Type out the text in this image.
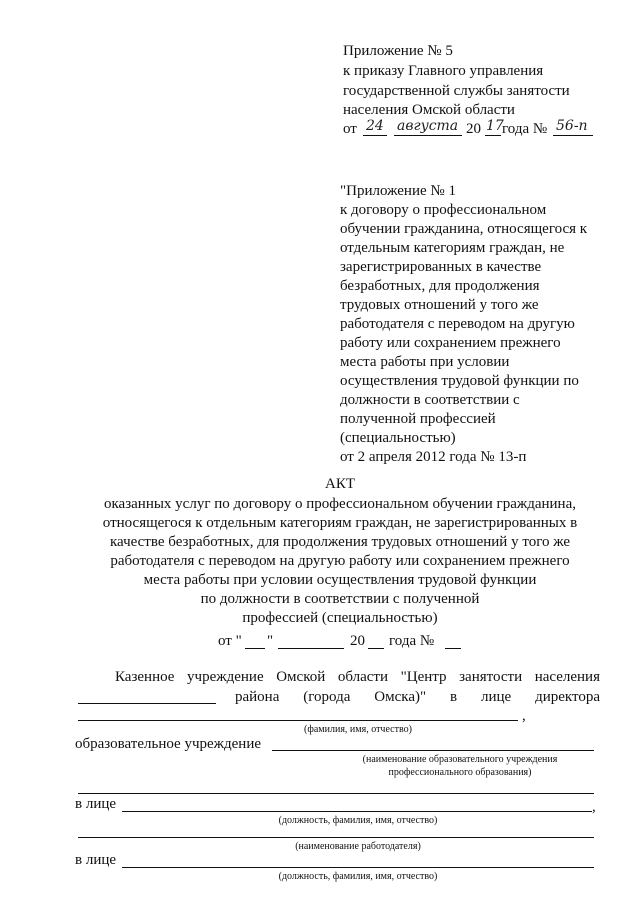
Приложение № 5
к приказу Главного управления
государственной службы занятости
населения Омской области
от 24 августа 20 17
года № 56-п
"Приложение № 1
к договору о профессиональном
обучении гражданина, относящегося к
отдельным категориям граждан, не
зарегистрированных в качестве
безработных, для продолжения
трудовых отношений у того же
работодателя с переводом на другую
работу или сохранением прежнего
места работы при условии
осуществления трудовой функции по
должности в соответствии с
полученной профессией
(специальностью)
от 2 апреля 2012 года № 13-п
АКТ
оказанных услуг по договору о профессиональном обучении гражданина,
относящегося к отдельным категориям граждан, не зарегистрированных в
качестве безработных, для продолжения трудовых отношений у того же
работодателя с переводом на другую работу или сохранением прежнего
места работы при условии осуществления трудовой функции
по должности в соответствии с полученной
профессией (специальностью)
от " "	20 года №
Казенное учреждение Омской области "Центр занятости населения
района (города Омска)" в лице директора
,
(фамилия, имя, отчество)
образовательное учреждение
(наименование образовательного учреждения
профессионального образования)
в лице	,
(должность, фамилия, имя, отчество)
(наименование работодателя)
в лице
(должность, фамилия, имя, отчество)
